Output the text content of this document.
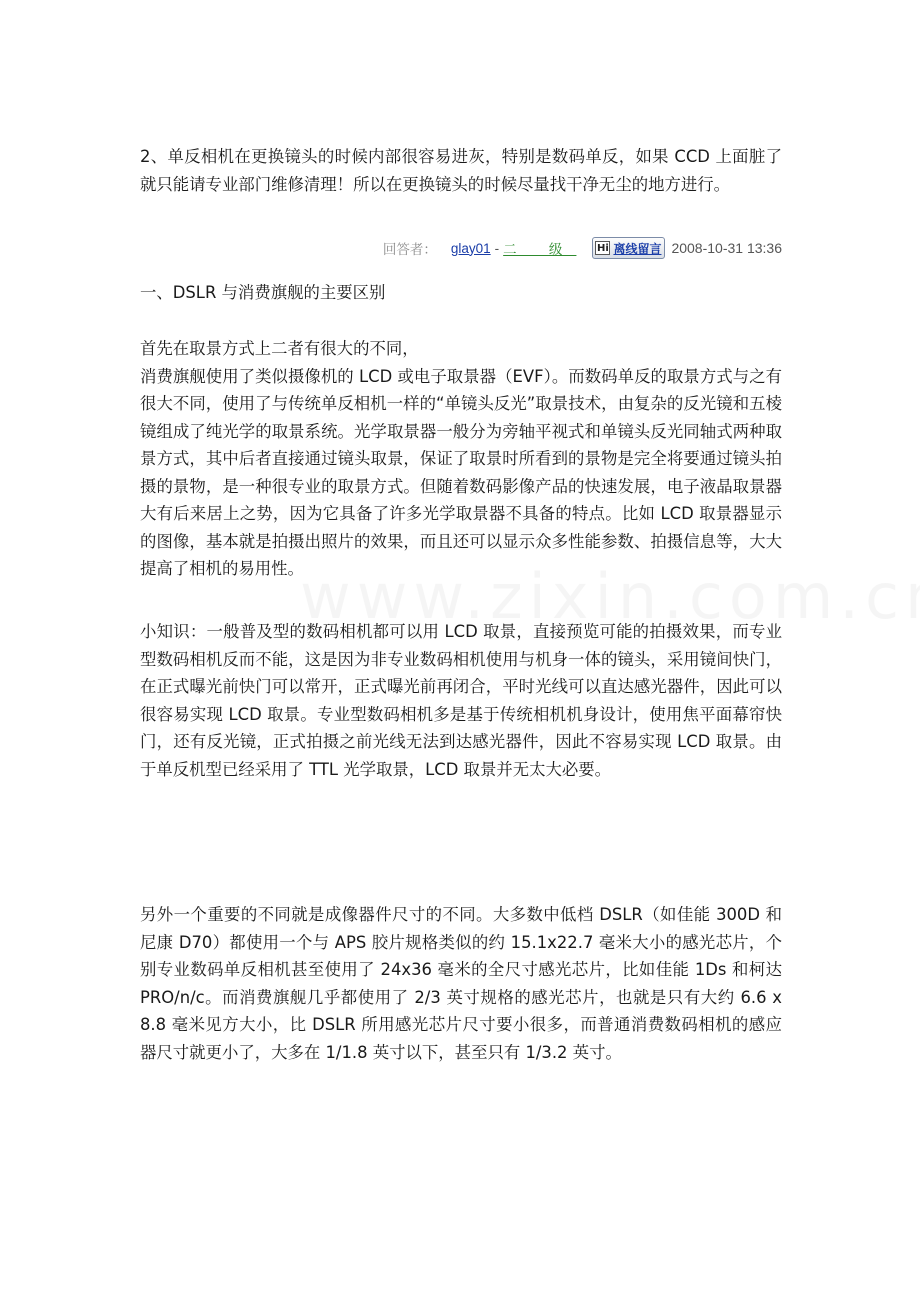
2、单反相机在更换镜头的时候内部很容易进灰，特别是数码单反，如果 CCD 上面脏了就只能请专业部门维修清理！所以在更换镜头的时候尽量找干净无尘的地方进行。

回答者： glay01 - 二 级	Hi 离线留言 2008-10-31 13:36

一、DSLR 与消费旗舰的主要区别

首先在取景方式上二者有很大的不同，

消费旗舰使用了类似摄像机的 LCD 或电子取景器（EVF）。而数码单反的取景方式与之有很大不同，使用了与传统单反相机一样的“单镜头反光”取景技术，由复杂的反光镜和五棱镜组成了纯光学的取景系统。光学取景器一般分为旁轴平视式和单镜头反光同轴式两种取景方式，其中后者直接通过镜头取景，保证了取景时所看到的景物是完全将要通过镜头拍摄的景物，是一种很专业的取景方式。但随着数码影像产品的快速发展，电子液晶取景器大有后来居上之势，因为它具备了许多光学取景器不具备的特点。比如 LCD 取景器显示的图像，基本就是拍摄出照片的效果，而且还可以显示众多性能参数、拍摄信息等，大大提高了相机的易用性。

小知识：一般普及型的数码相机都可以用 LCD 取景，直接预览可能的拍摄效果，而专业型数码相机反而不能，这是因为非专业数码相机使用与机身一体的镜头，采用镜间快门，在正式曝光前快门可以常开，正式曝光前再闭合，平时光线可以直达感光器件，因此可以很容易实现 LCD 取景。专业型数码相机多是基于传统相机机身设计，使用焦平面幕帘快门，还有反光镜，正式拍摄之前光线无法到达感光器件，因此不容易实现 LCD 取景。由于单反机型已经采用了 TTL 光学取景，LCD 取景并无太大必要。

另外一个重要的不同就是成像器件尺寸的不同。大多数中低档 DSLR（如佳能 300D 和尼康 D70）都使用一个与 APS 胶片规格类似的约 15.1x22.7 毫米大小的感光芯片，个别专业数码单反相机甚至使用了 24x36 毫米的全尺寸感光芯片，比如佳能 1Ds 和柯达 PRO/n/c。而消费旗舰几乎都使用了 2/3 英寸规格的感光芯片，也就是只有大约 6.6 x 8.8 毫米见方大小，比 DSLR 所用感光芯片尺寸要小很多，而普通消费数码相机的感应器尺寸就更小了，大多在 1/1.8 英寸以下，甚至只有 1/3.2 英寸。
